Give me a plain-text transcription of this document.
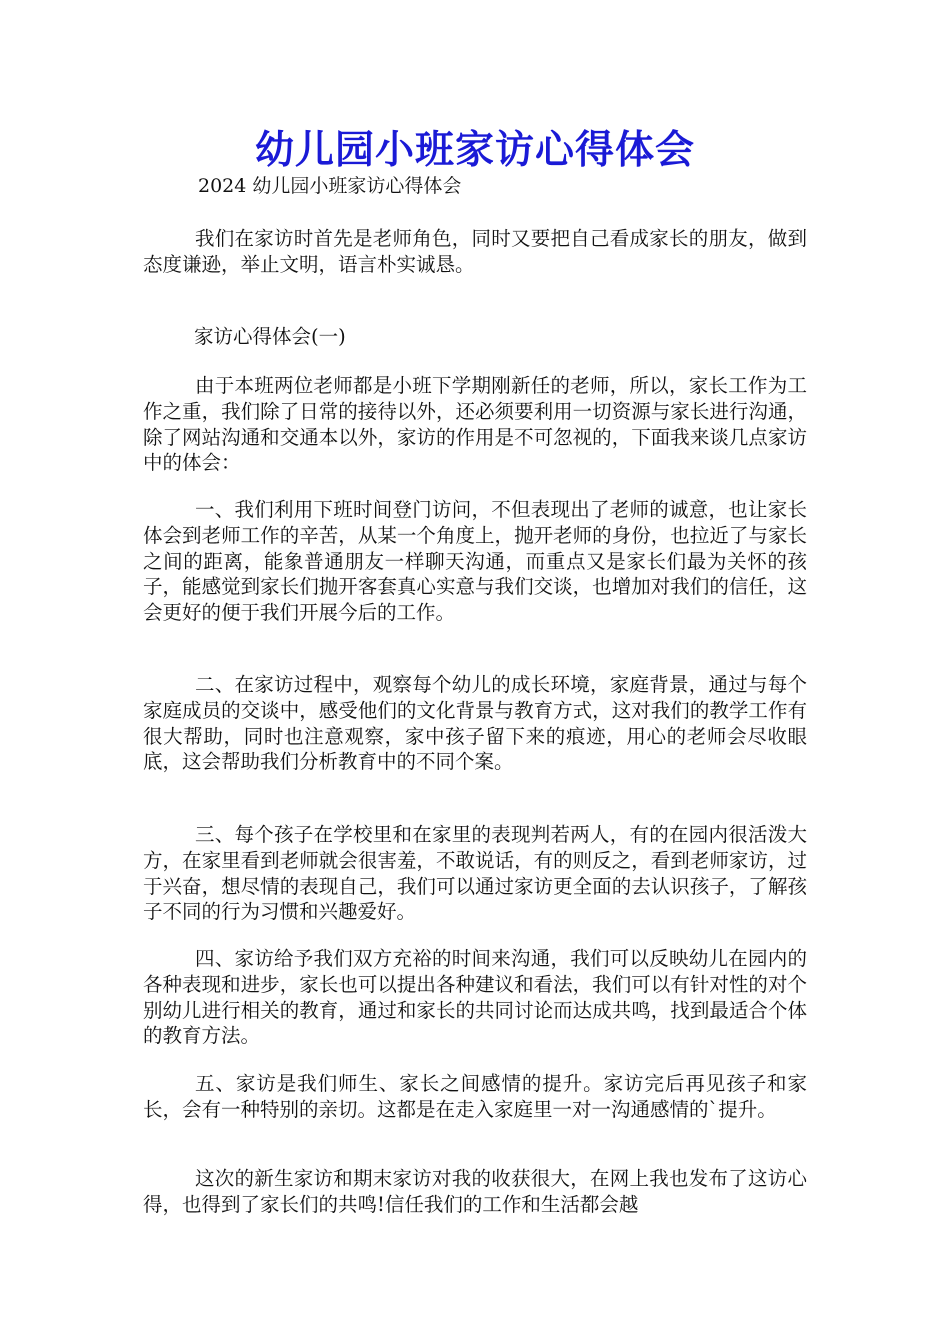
幼儿园小班家访心得体会

2024 幼儿园小班家访心得体会

我们在家访时首先是老师角色，同时又要把自己看成家长的朋友，做到态度谦逊，举止文明，语言朴实诚恳。

家访心得体会(一)

由于本班两位老师都是小班下学期刚新任的老师，所以，家长工作为工作之重，我们除了日常的接待以外，还必须要利用一切资源与家长进行沟通，除了网站沟通和交通本以外，家访的作用是不可忽视的，下面我来谈几点家访中的体会：

一、我们利用下班时间登门访问，不但表现出了老师的诚意，也让家长体会到老师工作的辛苦，从某一个角度上，抛开老师的身份，也拉近了与家长之间的距离，能象普通朋友一样聊天沟通，而重点又是家长们最为关怀的孩子，能感觉到家长们抛开客套真心实意与我们交谈，也增加对我们的信任，这会更好的便于我们开展今后的工作。

二、在家访过程中，观察每个幼儿的成长环境，家庭背景，通过与每个家庭成员的交谈中，感受他们的文化背景与教育方式，这对我们的教学工作有很大帮助，同时也注意观察，家中孩子留下来的痕迹，用心的老师会尽收眼底，这会帮助我们分析教育中的不同个案。

三、每个孩子在学校里和在家里的表现判若两人，有的在园内很活泼大方，在家里看到老师就会很害羞，不敢说话，有的则反之，看到老师家访，过于兴奋，想尽情的表现自己，我们可以通过家访更全面的去认识孩子，了解孩子不同的行为习惯和兴趣爱好。

四、家访给予我们双方充裕的时间来沟通，我们可以反映幼儿在园内的各种表现和进步，家长也可以提出各种建议和看法，我们可以有针对性的对个别幼儿进行相关的教育，通过和家长的共同讨论而达成共鸣，找到最适合个体的教育方法。

五、家访是我们师生、家长之间感情的提升。家访完后再见孩子和家长，会有一种特别的亲切。这都是在走入家庭里一对一沟通感情的`提升。

这次的新生家访和期末家访对我的收获很大，在网上我也发布了这访心得，也得到了家长们的共鸣!信任我们的工作和生活都会越
